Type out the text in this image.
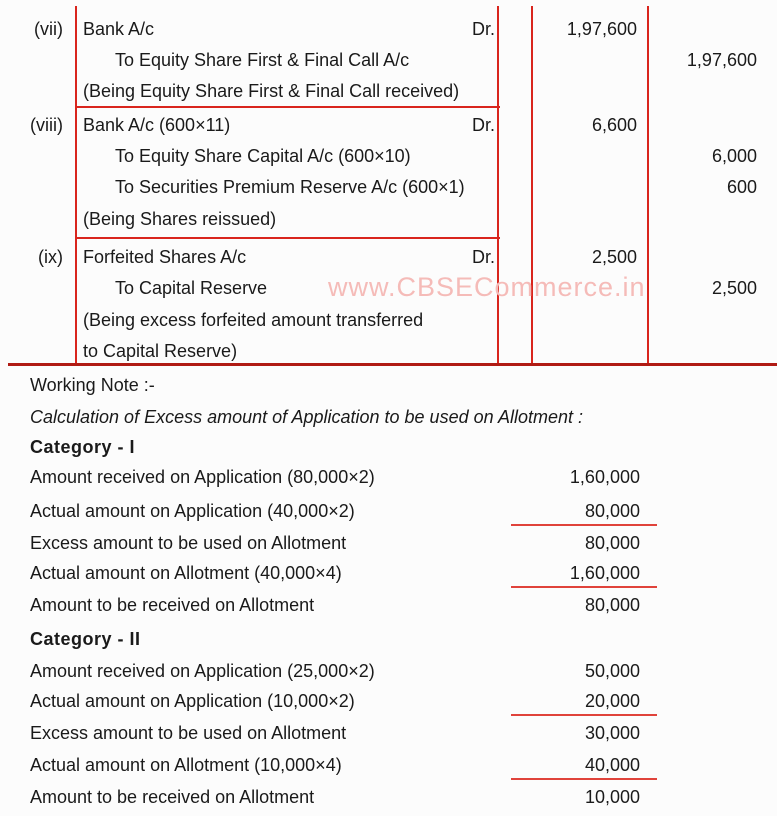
www.CBSECommerce.in
(vii) Bank A/c	Dr.	1,97,600
To Equity Share First & Final Call A/c	1,97,600
(Being Equity Share First & Final Call received)
(viii) Bank A/c (600×11)	Dr.	6,600
To Equity Share Capital A/c (600×10)	6,000
To Securities Premium Reserve A/c (600×1)	600
(Being Shares reissued)
(ix) Forfeited Shares A/c	Dr.	2,500
To Capital Reserve	2,500
(Being excess forfeited amount transferred
to Capital Reserve)
Working Note :-
Calculation of Excess amount of Application to be used on Allotment :
Category - I
Amount received on Application (80,000×2)	1,60,000
Actual amount on Application (40,000×2)	80,000
Excess amount to be used on Allotment	80,000
Actual amount on Allotment (40,000×4)	1,60,000
Amount to be received on Allotment	80,000
Category - II
Amount received on Application (25,000×2)	50,000
Actual amount on Application (10,000×2)	20,000
Excess amount to be used on Allotment	30,000
Actual amount on Allotment (10,000×4)	40,000
Amount to be received on Allotment	10,000
